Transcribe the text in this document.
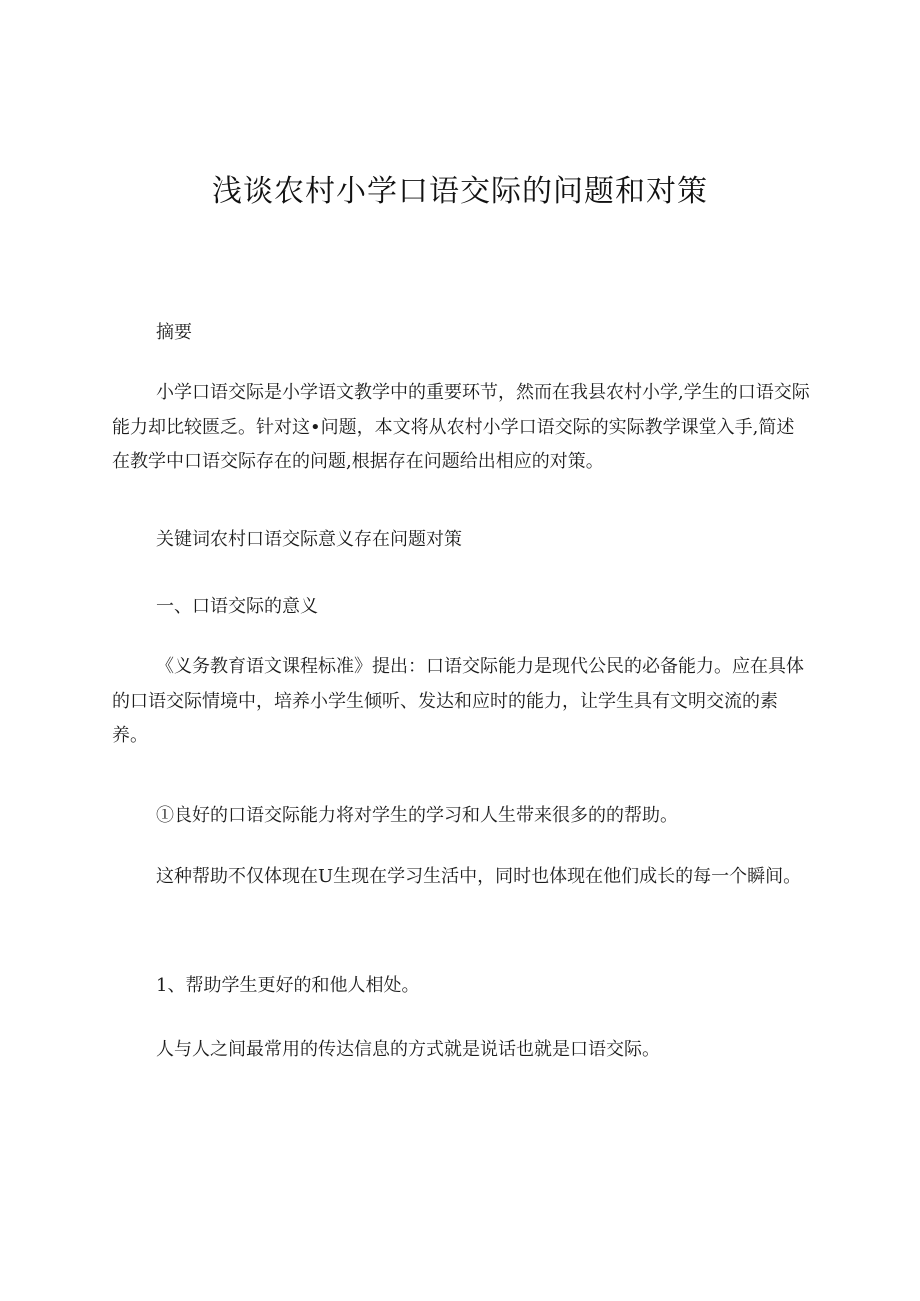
浅谈农村小学口语交际的问题和对策

摘要

小学口语交际是小学语文教学中的重要环节，然而在我县农村小学,学生的口语交际能力却比较匮乏。针对这•问题，本文将从农村小学口语交际的实际教学课堂入手,简述在教学中口语交际存在的问题,根据存在问题给出相应的对策。

关键词农村口语交际意义存在问题对策

一、口语交际的意义

《义务教育语文课程标准》提出：口语交际能力是现代公民的必备能力。应在具体的口语交际情境中，培养小学生倾听、发达和应时的能力，让学生具有文明交流的素养。

①良好的口语交际能力将对学生的学习和人生带来很多的的帮助。

这种帮助不仅体现在U生现在学习生活中，同时也体现在他们成长的每一个瞬间。

1、帮助学生更好的和他人相处。

人与人之间最常用的传达信息的方式就是说话也就是口语交际。
